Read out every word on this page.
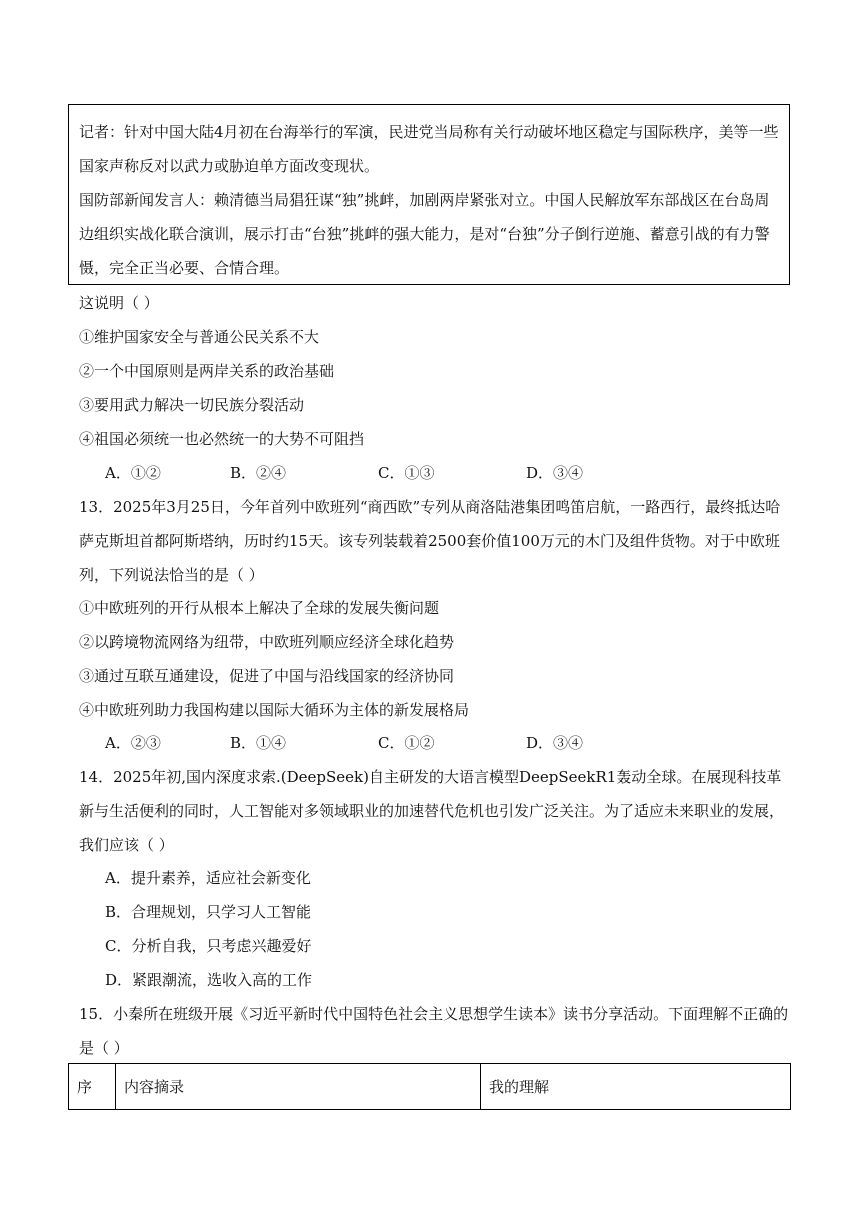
记者：针对中国大陆4月初在台海举行的军演，民进党当局称有关行动破坏地区稳定与国际秩序，美等一些国家声称反对以武力或胁迫单方面改变现状。

国防部新闻发言人：赖清德当局猖狂谋“独”挑衅，加剧两岸紧张对立。中国人民解放军东部战区在台岛周边组织实战化联合演训，展示打击“台独”挑衅的强大能力，是对“台独”分子倒行逆施、蓄意引战的有力警慑，完全正当必要、合情合理。

这说明（ ）
①维护国家安全与普通公民关系不大
②一个中国原则是两岸关系的政治基础
③要用武力解决一切民族分裂活动
④祖国必须统一也必然统一的大势不可阻挡
A．①②	B．②④	C．①③	D．③④
13．2025年3月25日，今年首列中欧班列“商西欧”专列从商洛陆港集团鸣笛启航，一路西行，最终抵达哈萨克斯坦首都阿斯塔纳，历时约15天。该专列装载着2500套价值100万元的木门及组件货物。对于中欧班列，下列说法恰当的是（ ）
①中欧班列的开行从根本上解决了全球的发展失衡问题
②以跨境物流网络为纽带，中欧班列顺应经济全球化趋势
③通过互联互通建设，促进了中国与沿线国家的经济协同
④中欧班列助力我国构建以国际大循环为主体的新发展格局
A．②③	B．①④	C．①②	D．③④
14．2025年初,国内深度求索.(DeepSeek)自主研发的大语言模型DeepSeekR1轰动全球。在展现科技革新与生活便利的同时，人工智能对多领域职业的加速替代危机也引发广泛关注。为了适应未来职业的发展，我们应该（ ）
A．提升素养，适应社会新变化
B．合理规划，只学习人工智能
C．分析自我，只考虑兴趣爱好
D．紧跟潮流，选收入高的工作
15．小秦所在班级开展《习近平新时代中国特色社会主义思想学生读本》读书分享活动。下面理解不正确的是（ ）
序	内容摘录	我的理解
